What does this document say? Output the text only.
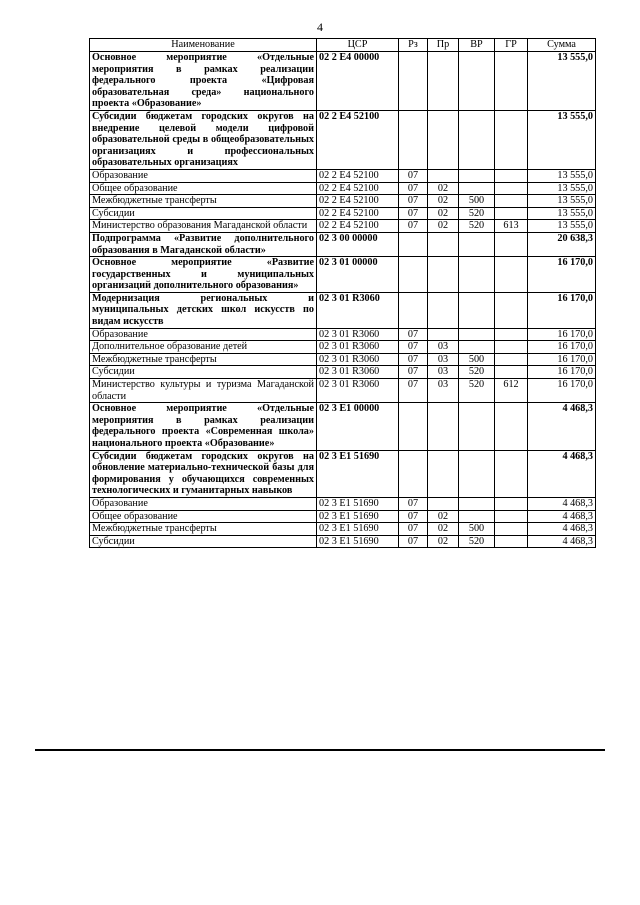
4
Наименование	ЦСР	Рз	Пр	ВР	ГР	Сумма
Основное мероприятие «Отдельные мероприятия в рамках реализации федерального проекта «Цифровая образовательная среда» национального проекта «Образование»	02 2 E4 00000					13 555,0
Субсидии бюджетам городских округов на внедрение целевой модели цифровой образовательной среды в общеобразовательных организациях и профессиональных образовательных организациях	02 2 E4 52100					13 555,0
Образование	02 2 E4 52100	07				13 555,0
Общее образование	02 2 E4 52100	07	02			13 555,0
Межбюджетные трансферты	02 2 E4 52100	07	02	500		13 555,0
Субсидии	02 2 E4 52100	07	02	520		13 555,0
Министерство образования Магаданской области	02 2 E4 52100	07	02	520	613	13 555,0
Подпрограмма «Развитие дополнительного образования в Магаданской области»	02 3 00 00000					20 638,3
Основное мероприятие «Развитие государственных и муниципальных организаций дополнительного образования»	02 3 01 00000					16 170,0
Модернизация региональных и муниципальных детских школ искусств по видам искусств	02 3 01 R3060					16 170,0
Образование	02 3 01 R3060	07				16 170,0
Дополнительное образование детей	02 3 01 R3060	07	03			16 170,0
Межбюджетные трансферты	02 3 01 R3060	07	03	500		16 170,0
Субсидии	02 3 01 R3060	07	03	520		16 170,0
Министерство культуры и туризма Магаданской области	02 3 01 R3060	07	03	520	612	16 170,0
Основное мероприятие «Отдельные мероприятия в рамках реализации федерального проекта «Современная школа» национального проекта «Образование»	02 3 E1 00000					4 468,3
Субсидии бюджетам городских округов на обновление материально-технической базы для формирования у обучающихся современных технологических и гуманитарных навыков	02 3 E1 51690					4 468,3
Образование	02 3 E1 51690	07				4 468,3
Общее образование	02 3 E1 51690	07	02			4 468,3
Межбюджетные трансферты	02 3 E1 51690	07	02	500		4 468,3
Субсидии	02 3 E1 51690	07	02	520		4 468,3
